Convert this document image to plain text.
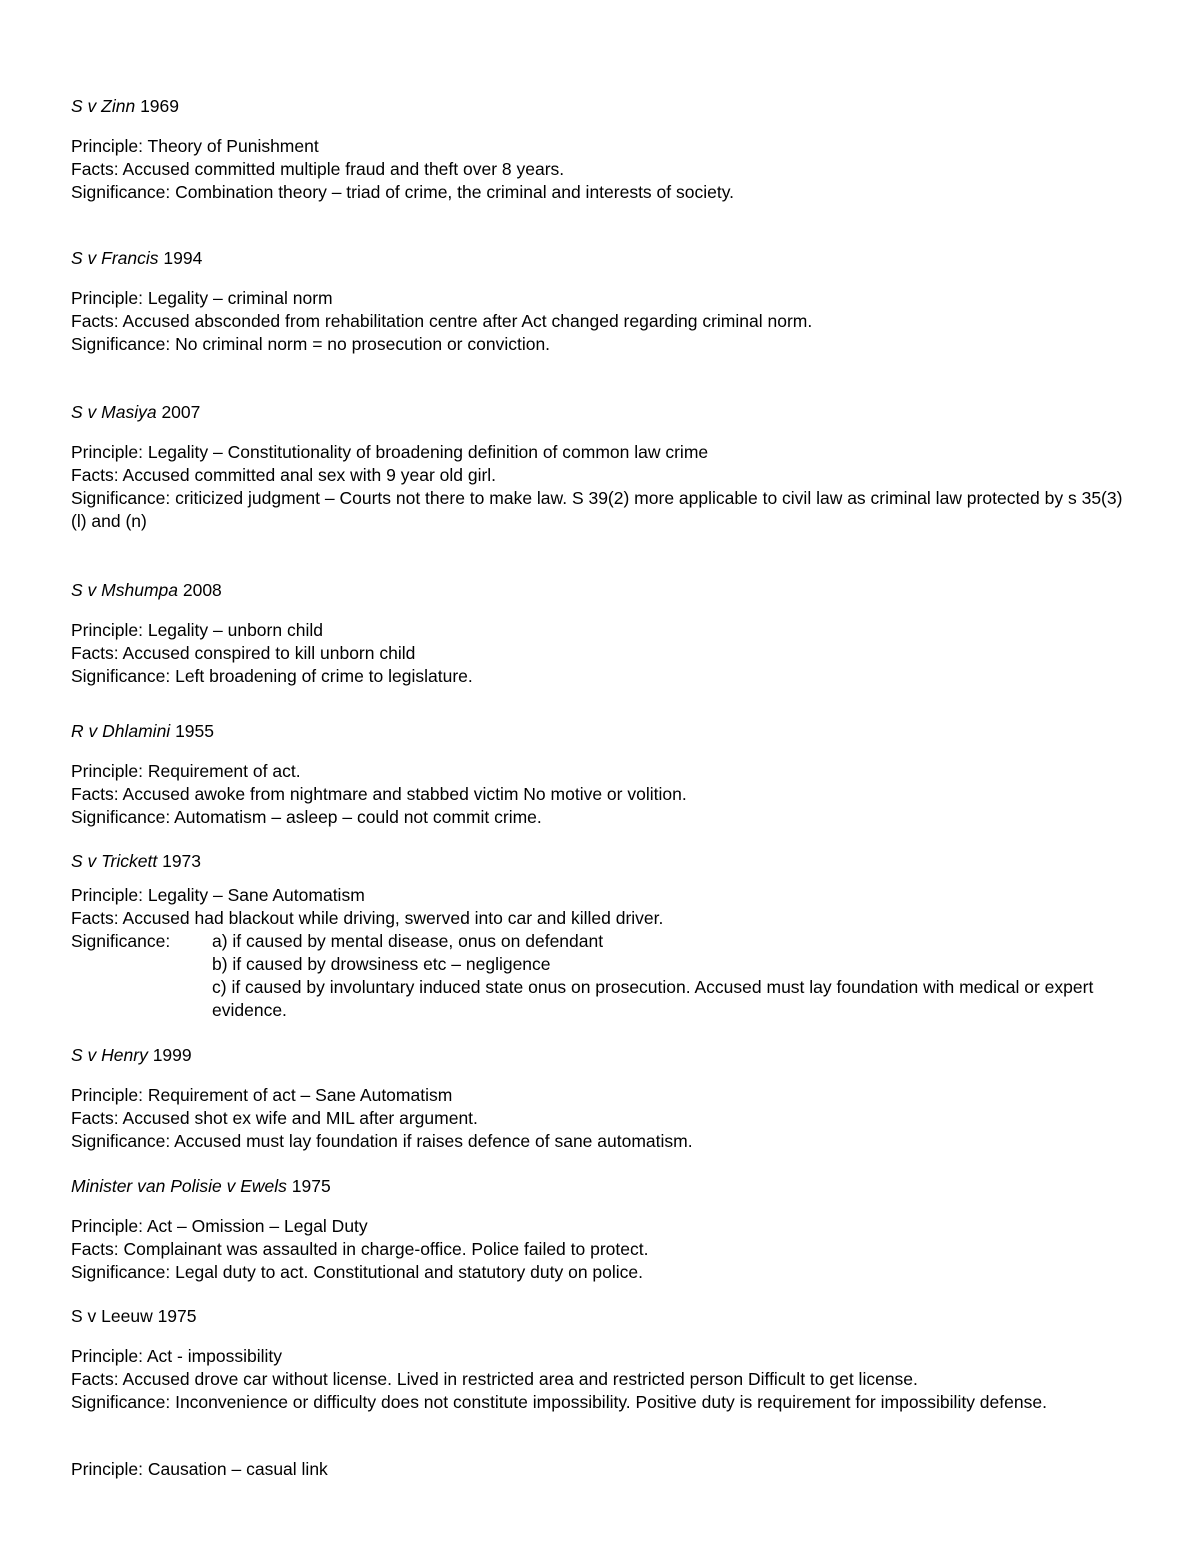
S v Zinn 1969

Principle: Theory of Punishment

Facts: Accused committed multiple fraud and theft over 8 years.

Significance: Combination theory – triad of crime, the criminal and interests of society.

S v Francis 1994

Principle: Legality – criminal norm

Facts: Accused absconded from rehabilitation centre after Act changed regarding criminal norm.

Significance: No criminal norm = no prosecution or conviction.

S v Masiya 2007

Principle: Legality – Constitutionality of broadening definition of common law crime

Facts: Accused committed anal sex with 9 year old girl.

Significance: criticized judgment – Courts not there to make law. S 39(2) more applicable to civil law as criminal law protected by s 35(3) (l) and (n)

S v Mshumpa 2008

Principle: Legality – unborn child

Facts: Accused conspired to kill unborn child

Significance: Left broadening of crime to legislature.

R v Dhlamini 1955

Principle: Requirement of act.

Facts: Accused awoke from nightmare and stabbed victim No motive or volition.

Significance: Automatism – asleep – could not commit crime.

S v Trickett 1973

Principle: Legality – Sane Automatism

Facts: Accused had blackout while driving, swerved into car and killed driver.

Significance: a) if caused by mental disease, onus on defendant

b) if caused by drowsiness etc – negligence

c) if caused by involuntary induced state onus on prosecution. Accused must lay foundation with medical or expert evidence.

S v Henry 1999

Principle: Requirement of act – Sane Automatism

Facts: Accused shot ex wife and MIL after argument.

Significance: Accused must lay foundation if raises defence of sane automatism.

Minister van Polisie v Ewels 1975

Principle: Act – Omission – Legal Duty

Facts: Complainant was assaulted in charge-office. Police failed to protect.

Significance: Legal duty to act. Constitutional and statutory duty on police.

S v Leeuw 1975

Principle: Act - impossibility

Facts: Accused drove car without license. Lived in restricted area and restricted person Difficult to get license.

Significance: Inconvenience or difficulty does not constitute impossibility. Positive duty is requirement for impossibility defense.

Principle: Causation – casual link
